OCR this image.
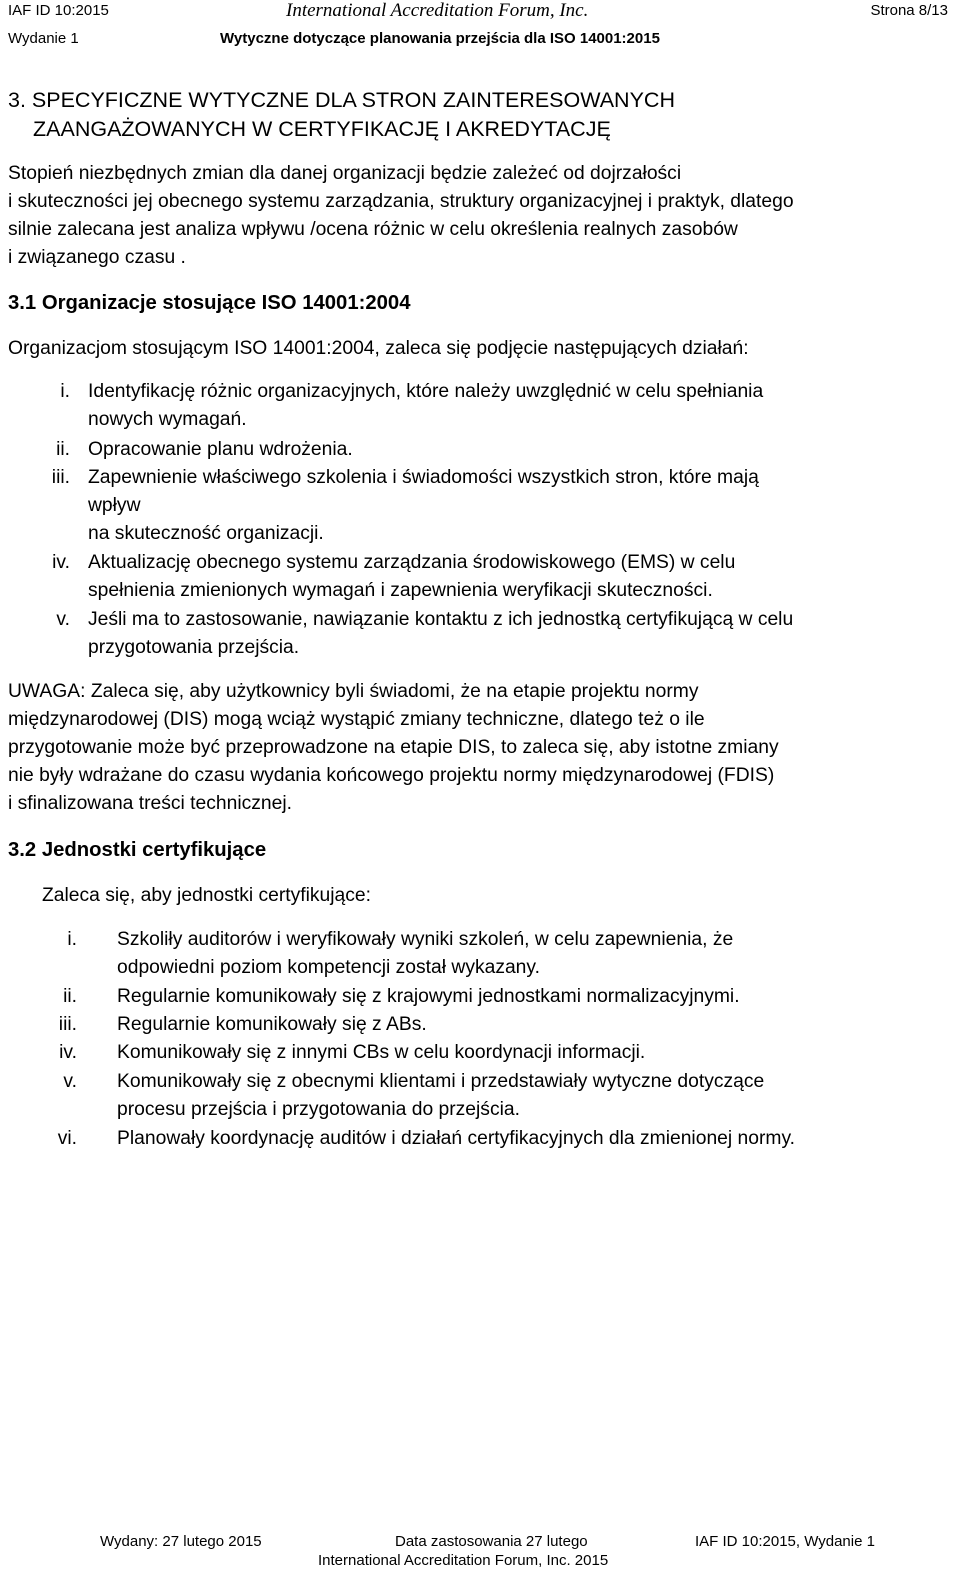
IAF ID 10:2015	International Accreditation Forum, Inc.	Strona 8/13
Wydanie 1	Wytyczne dotyczące planowania przejścia dla ISO 14001:2015
3. SPECYFICZNE WYTYCZNE DLA STRON ZAINTERESOWANYCH
ZAANGAŻOWANYCH W CERTYFIKACJĘ I AKREDYTACJĘ
Stopień niezbędnych zmian dla danej organizacji będzie zależeć od dojrzałości
i skuteczności jej obecnego systemu zarządzania, struktury organizacyjnej i praktyk, dlatego
silnie zalecana jest analiza wpływu /ocena różnic w celu określenia realnych zasobów
i związanego czasu .
3.1 Organizacje stosujące ISO 14001:2004
Organizacjom stosującym ISO 14001:2004, zaleca się podjęcie następujących działań:
i. Identyfikację różnic organizacyjnych, które należy uwzględnić w celu spełniania
nowych wymagań.
ii. Opracowanie planu wdrożenia.
iii. Zapewnienie właściwego szkolenia i świadomości wszystkich stron, które mają
wpływ
na skuteczność organizacji.
iv. Aktualizację obecnego systemu zarządzania środowiskowego (EMS) w celu
spełnienia zmienionych wymagań i zapewnienia weryfikacji skuteczności.
v. Jeśli ma to zastosowanie, nawiązanie kontaktu z ich jednostką certyfikującą w celu
przygotowania przejścia.
UWAGA: Zaleca się, aby użytkownicy byli świadomi, że na etapie projektu normy
międzynarodowej (DIS) mogą wciąż wystąpić zmiany techniczne, dlatego też o ile
przygotowanie może być przeprowadzone na etapie DIS, to zaleca się, aby istotne zmiany
nie były wdrażane do czasu wydania końcowego projektu normy międzynarodowej (FDIS)
i sfinalizowana treści technicznej.
3.2 Jednostki certyfikujące
Zaleca się, aby jednostki certyfikujące:
i. Szkoliły auditorów i weryfikowały wyniki szkoleń, w celu zapewnienia, że
odpowiedni poziom kompetencji został wykazany.
ii. Regularnie komunikowały się z krajowymi jednostkami normalizacyjnymi.
iii. Regularnie komunikowały się z ABs.
iv. Komunikowały się z innymi CBs w celu koordynacji informacji.
v. Komunikowały się z obecnymi klientami i przedstawiały wytyczne dotyczące
procesu przejścia i przygotowania do przejścia.
vi. Planowały koordynację auditów i działań certyfikacyjnych dla zmienionej normy.
Wydany: 27 lutego 2015	Data zastosowania 27 lutego	IAF ID 10:2015, Wydanie 1
International Accreditation Forum, Inc. 2015
